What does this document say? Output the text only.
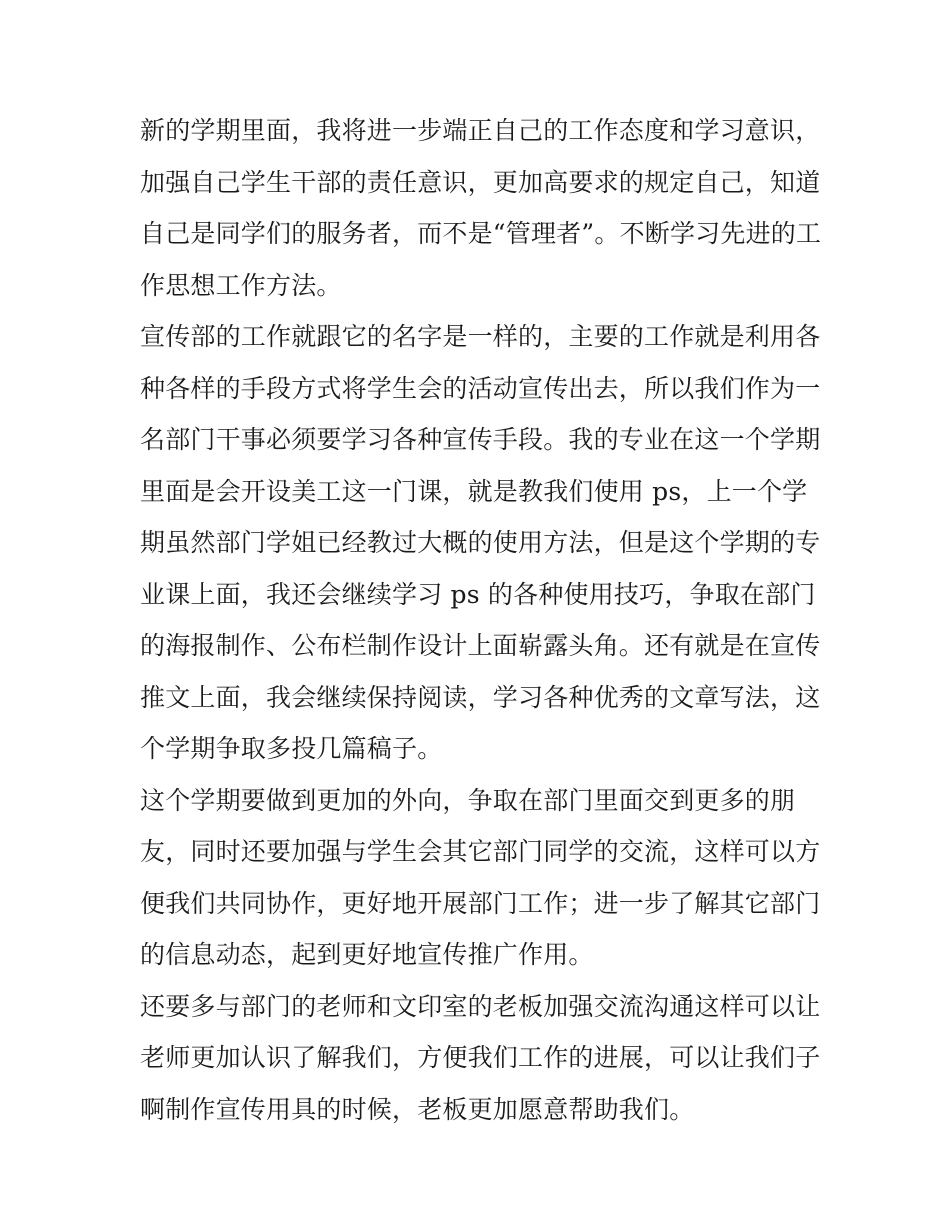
新的学期里面，我将进一步端正自己的工作态度和学习意识，
加强自己学生干部的责任意识，更加高要求的规定自己，知道
自己是同学们的服务者，而不是“管理者”。不断学习先进的工
作思想工作方法。
宣传部的工作就跟它的名字是一样的，主要的工作就是利用各
种各样的手段方式将学生会的活动宣传出去，所以我们作为一
名部门干事必须要学习各种宣传手段。我的专业在这一个学期
里面是会开设美工这一门课，就是教我们使用 ps，上一个学
期虽然部门学姐已经教过大概的使用方法，但是这个学期的专
业课上面，我还会继续学习 ps 的各种使用技巧，争取在部门
的海报制作、公布栏制作设计上面崭露头角。还有就是在宣传
推文上面，我会继续保持阅读，学习各种优秀的文章写法，这
个学期争取多投几篇稿子。
这个学期要做到更加的外向，争取在部门里面交到更多的朋
友，同时还要加强与学生会其它部门同学的交流，这样可以方
便我们共同协作，更好地开展部门工作；进一步了解其它部门
的信息动态，起到更好地宣传推广作用。
还要多与部门的老师和文印室的老板加强交流沟通这样可以让
老师更加认识了解我们，方便我们工作的进展，可以让我们子
啊制作宣传用具的时候，老板更加愿意帮助我们。
